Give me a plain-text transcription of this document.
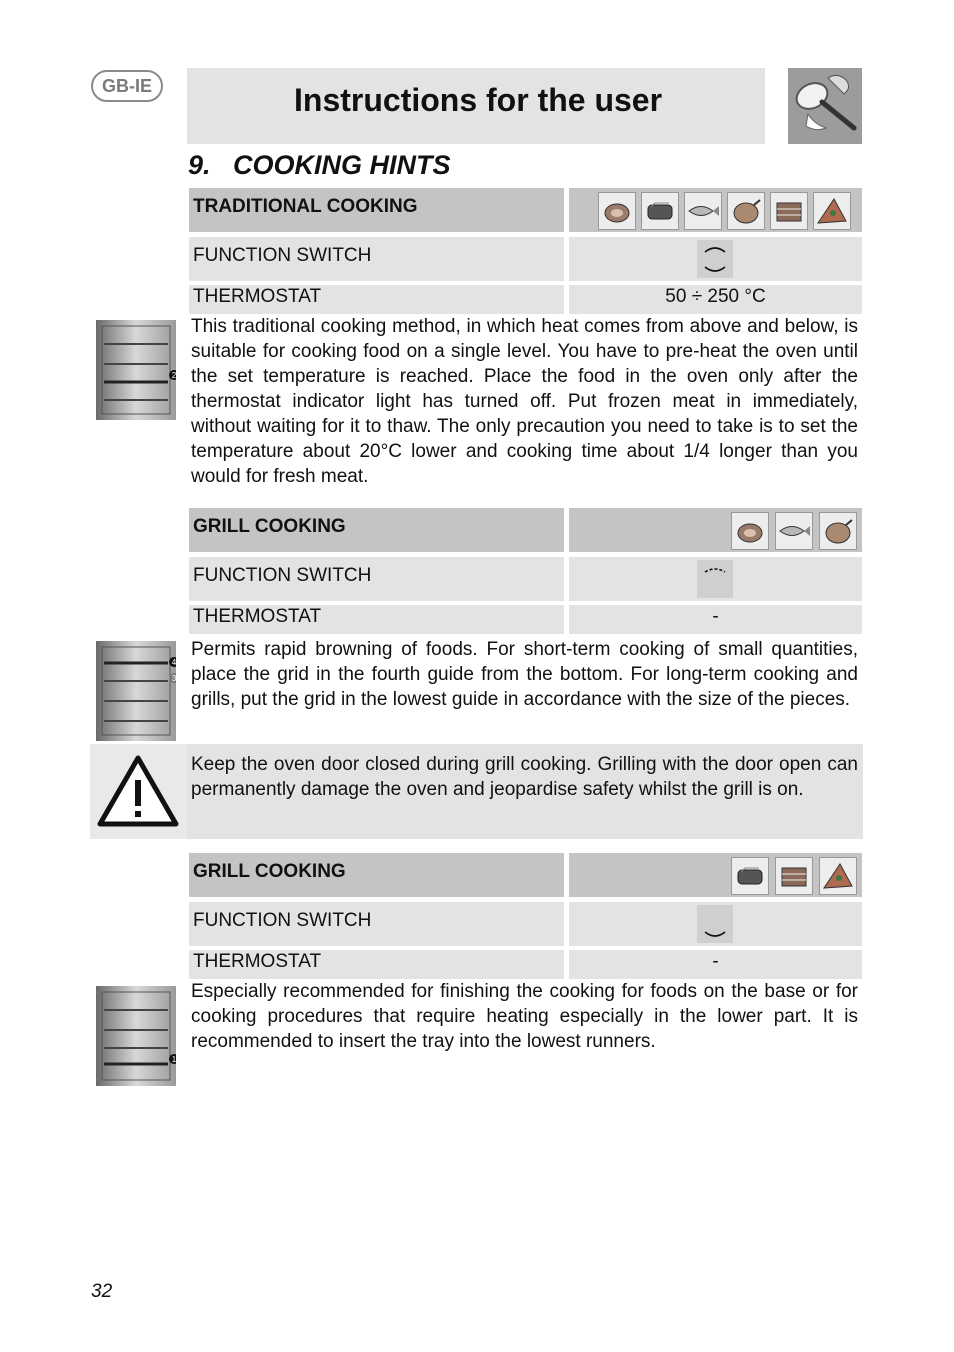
GB-IE	Instructions for the user
9. COOKING HINTS
TRADITIONAL COOKING
FUNCTION SWITCH
THERMOSTAT	50 ÷ 250 °C
2

This traditional cooking method, in which heat comes from above and below, is suitable for cooking food on a single level. You have to pre-heat the oven until the set temperature is reached. Place the food in the oven only after the thermostat indicator light has turned off. Put frozen meat in immediately, without waiting for it to thaw. The only precaution you need to take is to set the temperature about 20°C lower and cooking time about 1/4 longer than you would for fresh meat.

GRILL COOKING
FUNCTION SWITCH
THERMOSTAT	-
4
3

Permits rapid browning of foods. For short-term cooking of small quantities, place the grid in the fourth guide from the bottom. For long-term cooking and grills, put the grid in the lowest guide in accordance with the size of the pieces.

Keep the oven door closed during grill cooking. Grilling with the door open can permanently damage the oven and jeopardise safety whilst the grill is on.

GRILL COOKING
FUNCTION SWITCH
THERMOSTAT	-
1

Especially recommended for finishing the cooking for foods on the base or for cooking procedures that require heating especially in the lower part. It is recommended to insert the tray into the lowest runners.

32
